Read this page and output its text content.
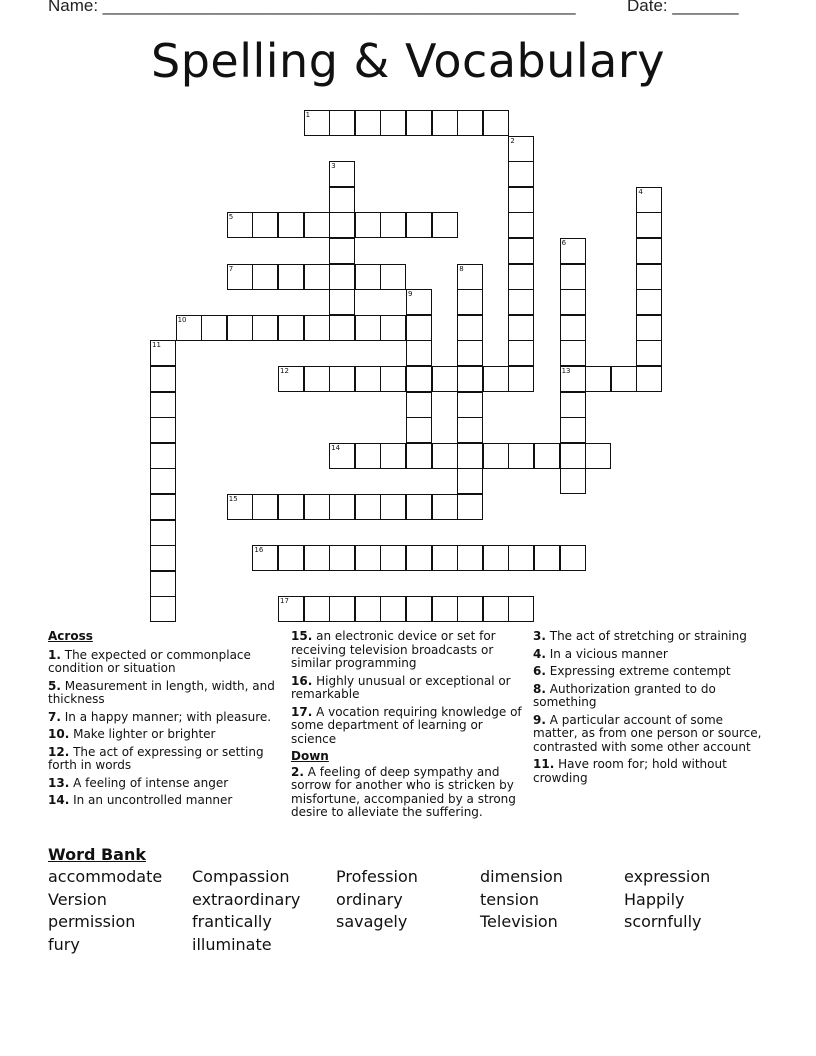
Name: __________________________________________________	Date: _______
Spelling & Vocabulary
1
2
3
4
5
6
7	8
9
10
11
12	13
14
15
16
17
Across
1. The expected or commonplace condition or situation
5. Measurement in length, width, and thickness
7. In a happy manner; with pleasure.
10. Make lighter or brighter
12. The act of expressing or setting forth in words
13. A feeling of intense anger
14. In an uncontrolled manner
15. an electronic device or set for receiving television broadcasts or similar programming
16. Highly unusual or exceptional or remarkable
17. A vocation requiring knowledge of some department of learning or science
Down
2. A feeling of deep sympathy and sorrow for another who is stricken by misfortune, accompanied by a strong desire to alleviate the suffering.
3. The act of stretching or straining
4. In a vicious manner
6. Expressing extreme contempt
8. Authorization granted to do something
9. A particular account of some matter, as from one person or source, contrasted with some other account
11. Have room for; hold without crowding
Word Bank
accommodate Compassion	Profession	dimension	expression
Version	extraordinary ordinary	tension	Happily
permission	frantically	savagely	Television	scornfully
fury	illuminate
